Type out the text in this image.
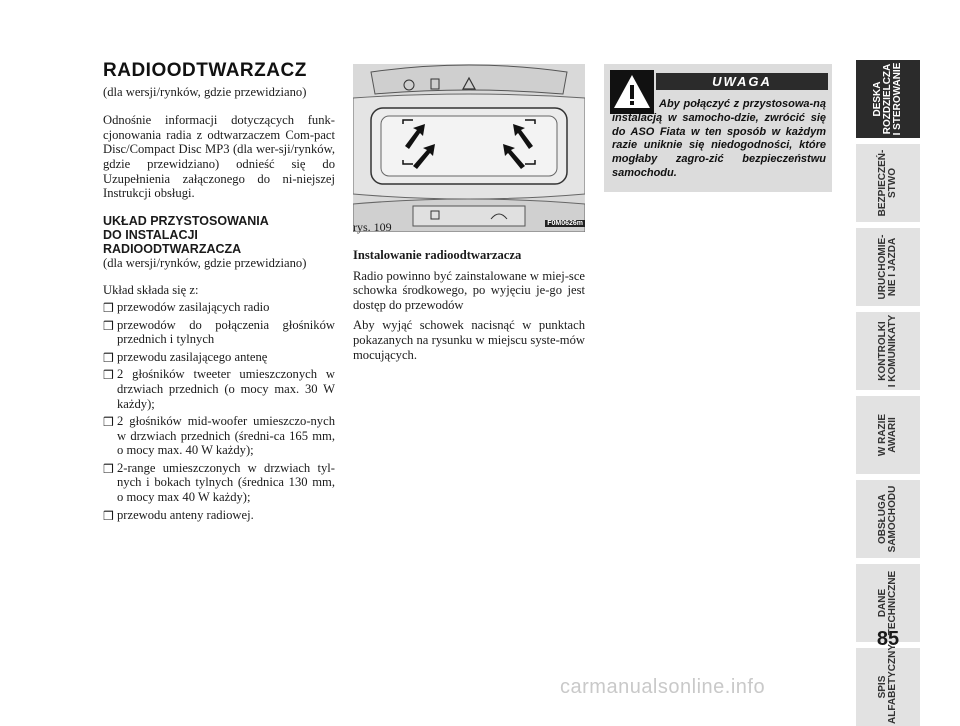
RADIOODTWARZACZ
(dla wersji/rynków, gdzie przewidziano)
Odnośnie informacji dotyczących funk-cjonowania radia z odtwarzaczem Com-pact Disc/Compact Disc MP3 (dla wer-sji/rynków, gdzie przewidziano) odnieść się do Uzupełnienia załączonego do ni-niejszej Instrukcji obsługi.
UKŁAD PRZYSTOSOWANIA
DO INSTALACJI
RADIOODTWARZACZA
(dla wersji/rynków, gdzie przewidziano)
Układ składa się z:
❒ przewodów zasilających radio
❒ przewodów do połączenia głośników przednich i tylnych
❒ przewodu zasilającego antenę
❒ 2 głośników tweeter umieszczonych w drzwiach przednich (o mocy max. 30 W każdy);
❒ 2 głośników mid-woofer umieszczo-nych w drzwiach przednich (średni-ca 165 mm, o mocy max. 40 W każdy);
❒ 2-range umieszczonych w drzwiach tyl-nych i bokach tylnych (średnica 130 mm, o mocy max 40 W każdy);
❒ przewodu anteny radiowej.
rys. 109	F0M0626m
Instalowanie radioodtwarzacza
Radio powinno być zainstalowane w miej-sce schowka środkowego, po wyjęciu je-go jest dostęp do przewodów
Aby wyjąć schowek nacisnąć w punktach pokazanych na rysunku w miejscu syste-mów mocujących.
UWAGA
Aby połączyć z przystosowa-ną instalacją w samocho-dzie, zwrócić się do ASO Fiata w ten sposób w każdym razie uniknie się niedogodności, które mogłaby zagro-zić bezpieczeństwu samochodu.
DESKA
ROZDZIELCZA
I STEROWANIE
BEZPIECZEŃ-
STWO
URUCHOMIE-
NIE I JAZDA
KONTROLKI
I KOMUNIKATY
W RAZIE
AWARII
OBSŁUGA
SAMOCHODU
DANE
TECHNICZNE
SPIS
ALFABETYCZNY
85
carmanualsonline.info
